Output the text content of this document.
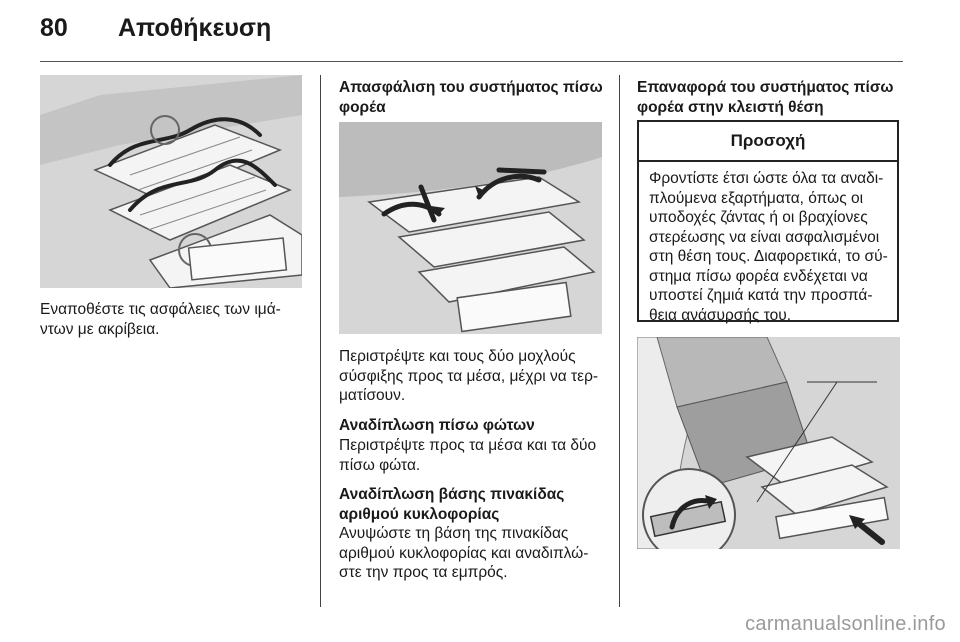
80 Αποθήκευση

Εναποθέστε τις ασφάλειες των ιμά-
ντων με ακρίβεια.

Απασφάλιση του συστήματος πίσω
φορέα

Περιστρέψτε και τους δύο μοχλούς
σύσφιξης προς τα μέσα, μέχρι να τερ-
ματίσουν.

Αναδίπλωση πίσω φώτων

Περιστρέψτε προς τα μέσα και τα δύο
πίσω φώτα.

Αναδίπλωση βάσης πινακίδας
αριθμού κυκλοφορίας

Ανυψώστε τη βάση της πινακίδας
αριθμού κυκλοφορίας και αναδιπλώ-
στε την προς τα εμπρός.

Επαναφορά του συστήματος πίσω
φορέα στην κλειστή θέση

Προσοχή

Φροντίστε έτσι ώστε όλα τα αναδι-
πλούμενα εξαρτήματα, όπως οι
υποδοχές ζάντας ή οι βραχίονες
στερέωσης να είναι ασφαλισμένοι
στη θέση τους. Διαφορετικά, το σύ-
στημα πίσω φορέα ενδέχεται να
υποστεί ζημιά κατά την προσπά-
θεια ανάσυρσής του.

carmanualsonline.info
